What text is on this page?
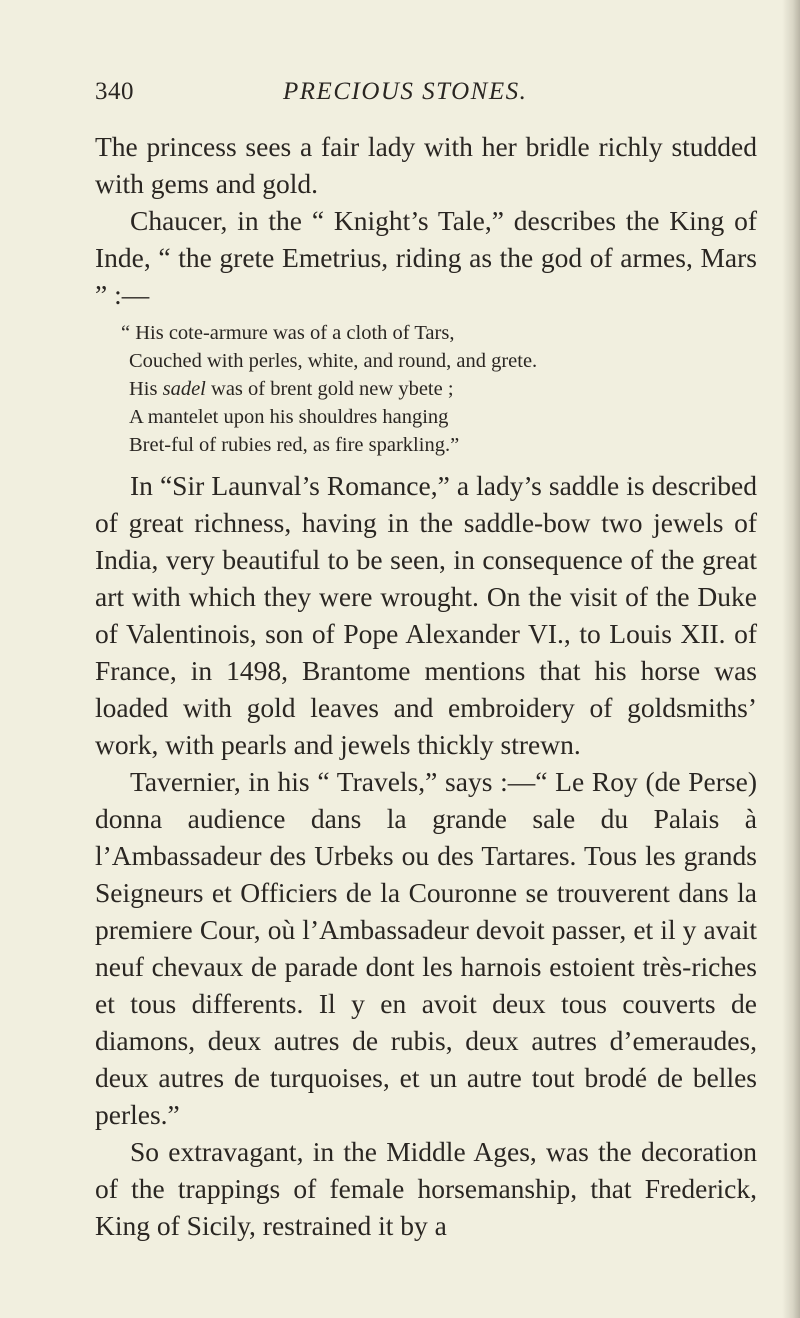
340	PRECIOUS STONES.

The princess sees a fair lady with her bridle richly studded with gems and gold.

Chaucer, in the “ Knight’s Tale,” describes the King of Inde, “ the grete Emetrius, riding as the god of armes, Mars ” :—

“ His cote-armure was of a cloth of Tars,
Couched with perles, white, and round, and grete.
His sadel was of brent gold new ybete ;
A mantelet upon his shouldres hanging
Bret-ful of rubies red, as fire sparkling.”

In “Sir Launval’s Romance,” a lady’s saddle is described of great richness, having in the saddle-bow two jewels of India, very beautiful to be seen, in consequence of the great art with which they were wrought. On the visit of the Duke of Valentinois, son of Pope Alexander VI., to Louis XII. of France, in 1498, Brantome mentions that his horse was loaded with gold leaves and embroidery of goldsmiths’ work, with pearls and jewels thickly strewn.

Tavernier, in his “ Travels,” says :—“ Le Roy (de Perse) donna audience dans la grande sale du Palais à l’Ambassadeur des Urbeks ou des Tartares. Tous les grands Seigneurs et Officiers de la Couronne se trouverent dans la premiere Cour, où l’Ambassadeur devoit passer, et il y avait neuf chevaux de parade dont les harnois estoient très-riches et tous differents. Il y en avoit deux tous couverts de diamons, deux autres de rubis, deux autres d’emeraudes, deux autres de turquoises, et un autre tout brodé de belles perles.”

So extravagant, in the Middle Ages, was the decoration of the trappings of female horsemanship, that Frederick, King of Sicily, restrained it by a
